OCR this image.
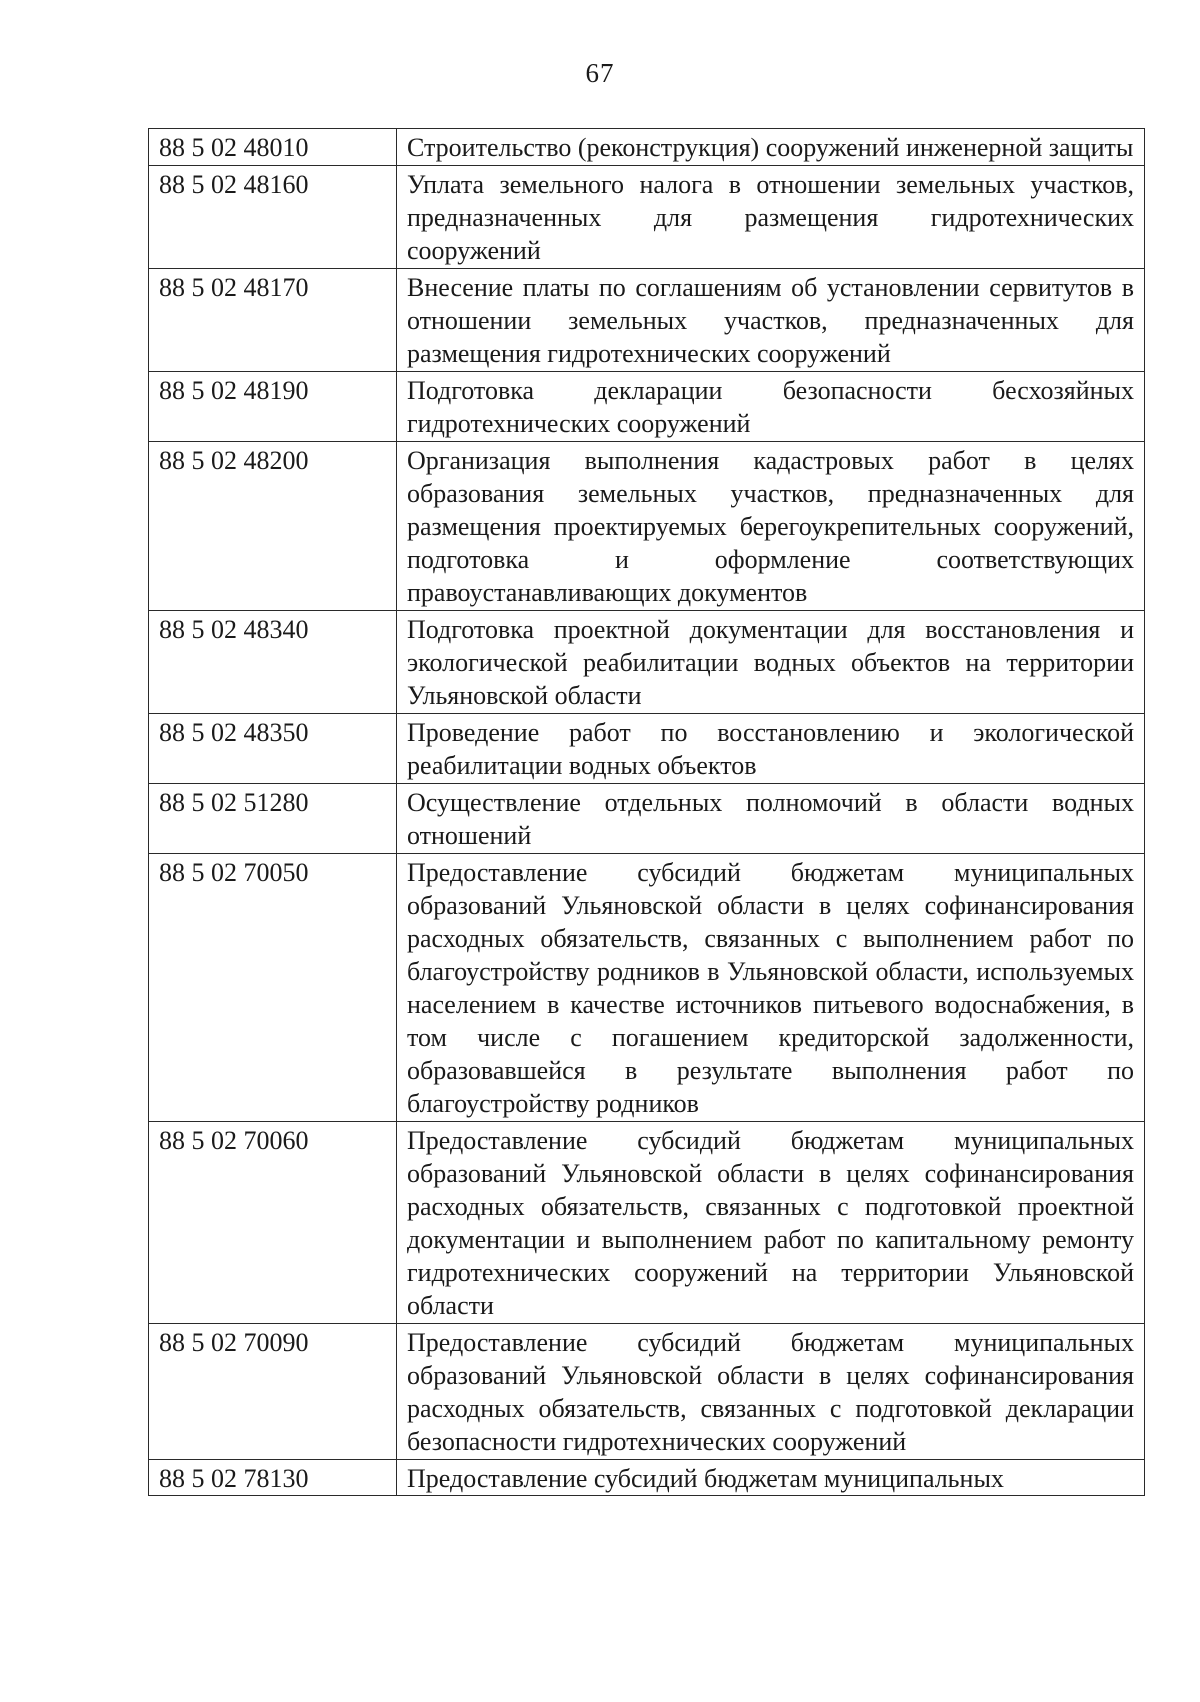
67
88 5 02 48010	Строительство (реконструкция) сооружений инженерной защиты
88 5 02 48160	Уплата земельного налога в отношении земельных участков, предназначенных для размещения гидротехнических сооружений
88 5 02 48170	Внесение платы по соглашениям об установлении сервитутов в отношении земельных участков, предназначенных для размещения гидротехнических сооружений
88 5 02 48190	Подготовка декларации безопасности бесхозяйных гидротехнических сооружений
88 5 02 48200	Организация выполнения кадастровых работ в целях образования земельных участков, предназначенных для размещения проектируемых берегоукрепительных сооружений, подготовка и оформление соответствующих правоустанавливающих документов
88 5 02 48340	Подготовка проектной документации для восстановления и экологической реабилитации водных объектов на территории Ульяновской области
88 5 02 48350	Проведение работ по восстановлению и экологической реабилитации водных объектов
88 5 02 51280	Осуществление отдельных полномочий в области водных отношений
88 5 02 70050	Предоставление субсидий бюджетам муниципальных образований Ульяновской области в целях софинансирования расходных обязательств, связанных с выполнением работ по благоустройству родников в Ульяновской области, используемых населением в качестве источников питьевого водоснабжения, в том числе с погашением кредиторской задолженности, образовавшейся в результате выполнения работ по благоустройству родников
88 5 02 70060	Предоставление субсидий бюджетам муниципальных образований Ульяновской области в целях софинансирования расходных обязательств, связанных с подготовкой проектной документации и выполнением работ по капитальному ремонту гидротехнических сооружений на территории Ульяновской области
88 5 02 70090	Предоставление субсидий бюджетам муниципальных образований Ульяновской области в целях софинансирования расходных обязательств, связанных с подготовкой декларации безопасности гидротехнических сооружений
88 5 02 78130	Предоставление субсидий бюджетам муниципальных
